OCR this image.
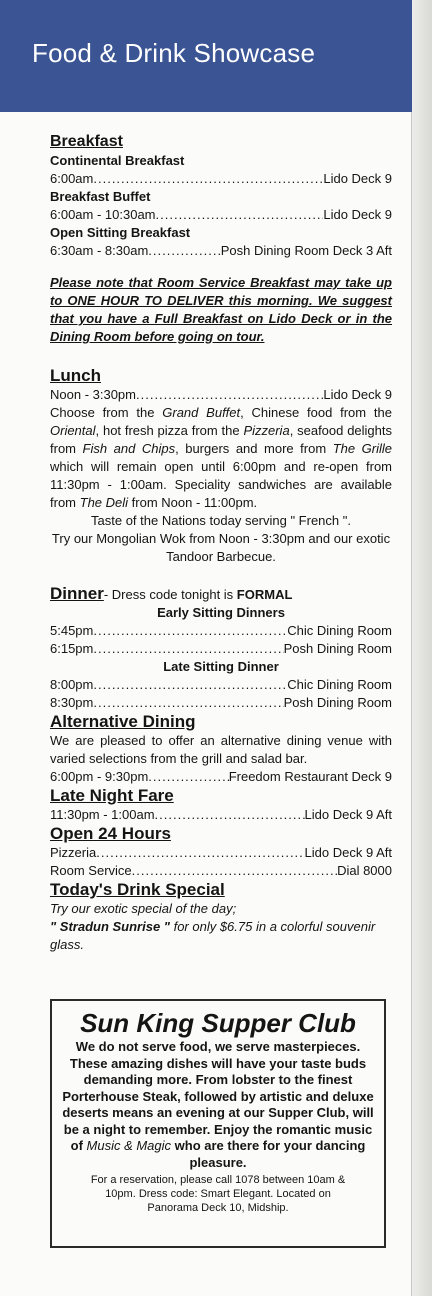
Food & Drink Showcase
Breakfast
Continental Breakfast
6:00am .....	Lido Deck 9
Breakfast Buffet
6:00am - 10:30am .....	Lido Deck 9
Open Sitting Breakfast
6:30am - 8:30am .....	Posh Dining Room Deck 3 Aft
Please note that Room Service Breakfast may take up to ONE HOUR TO DELIVER this morning. We suggest that you have a Full Breakfast on Lido Deck or in the Dining Room before going on tour.
Lunch
Noon - 3:30pm .....	Lido Deck 9
Choose from the Grand Buffet, Chinese food from the Oriental, hot fresh pizza from the Pizzeria, seafood delights from Fish and Chips, burgers and more from The Grille which will remain open until 6:00pm and re-open from 11:30pm - 1:00am. Speciality sandwiches are available from The Deli from Noon - 11:00pm.
Taste of the Nations today serving " French ".
Try our Mongolian Wok from Noon - 3:30pm and our exotic Tandoor Barbecue.
Dinner- Dress code tonight is FORMAL
Early Sitting Dinners
5:45pm .....	Chic Dining Room
6:15pm .....	Posh Dining Room
Late Sitting Dinner
8:00pm .....	Chic Dining Room
8:30pm .....	Posh Dining Room
Alternative Dining
We are pleased to offer an alternative dining venue with varied selections from the grill and salad bar.
6:00pm - 9:30pm .....	Freedom Restaurant Deck 9
Late Night Fare
11:30pm - 1:00am .....	Lido Deck 9 Aft
Open 24 Hours
Pizzeria .....	Lido Deck 9 Aft
Room Service .....	Dial 8000
Today's Drink Special
Try our exotic special of the day;
" Stradun Sunrise " for only $6.75 in a colorful souvenir glass.
Sun King Supper Club
We do not serve food, we serve masterpieces. These amazing dishes will have your taste buds demanding more. From lobster to the finest Porterhouse Steak, followed by artistic and deluxe deserts means an evening at our Supper Club, will be a night to remember. Enjoy the romantic music of Music & Magic who are there for your dancing pleasure.
For a reservation, please call 1078 between 10am & 10pm. Dress code: Smart Elegant. Located on Panorama Deck 10, Midship.
